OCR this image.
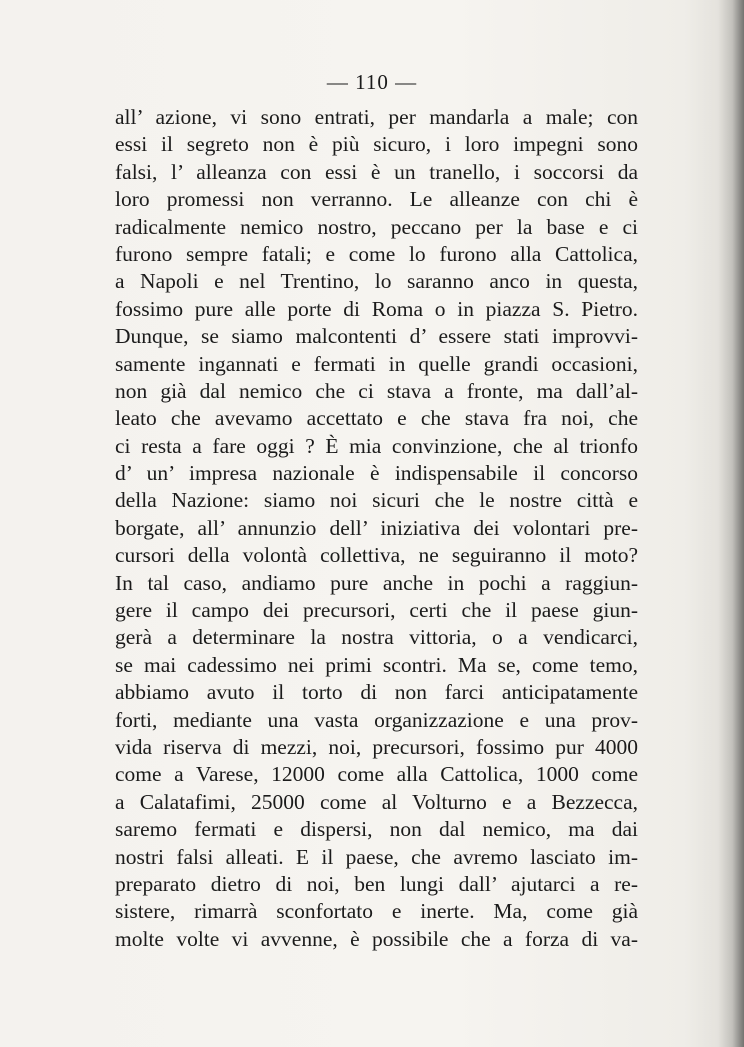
— 110 —
all’ azione, vi sono entrati, per mandarla a male; con
essi il segreto non è più sicuro, i loro impegni sono
falsi, l’ alleanza con essi è un tranello, i soccorsi da
loro promessi non verranno. Le alleanze con chi è
radicalmente nemico nostro, peccano per la base e ci
furono sempre fatali; e come lo furono alla Cattolica,
a Napoli e nel Trentino, lo saranno anco in questa,
fossimo pure alle porte di Roma o in piazza S. Pietro.
Dunque, se siamo malcontenti d’ essere stati improvvi-
samente ingannati e fermati in quelle grandi occasioni,
non già dal nemico che ci stava a fronte, ma dall’al-
leato che avevamo accettato e che stava fra noi, che
ci resta a fare oggi ? È mia convinzione, che al trionfo
d’ un’ impresa nazionale è indispensabile il concorso
della Nazione: siamo noi sicuri che le nostre città e
borgate, all’ annunzio dell’ iniziativa dei volontari pre-
cursori della volontà collettiva, ne seguiranno il moto?
In tal caso, andiamo pure anche in pochi a raggiun-
gere il campo dei precursori, certi che il paese giun-
gerà a determinare la nostra vittoria, o a vendicarci,
se mai cadessimo nei primi scontri. Ma se, come temo,
abbiamo avuto il torto di non farci anticipatamente
forti, mediante una vasta organizzazione e una prov-
vida riserva di mezzi, noi, precursori, fossimo pur 4000
come a Varese, 12000 come alla Cattolica, 1000 come
a Calatafimi, 25000 come al Volturno e a Bezzecca,
saremo fermati e dispersi, non dal nemico, ma dai
nostri falsi alleati. E il paese, che avremo lasciato im-
preparato dietro di noi, ben lungi dall’ ajutarci a re-
sistere, rimarrà sconfortato e inerte. Ma, come già
molte volte vi avvenne, è possibile che a forza di va-
